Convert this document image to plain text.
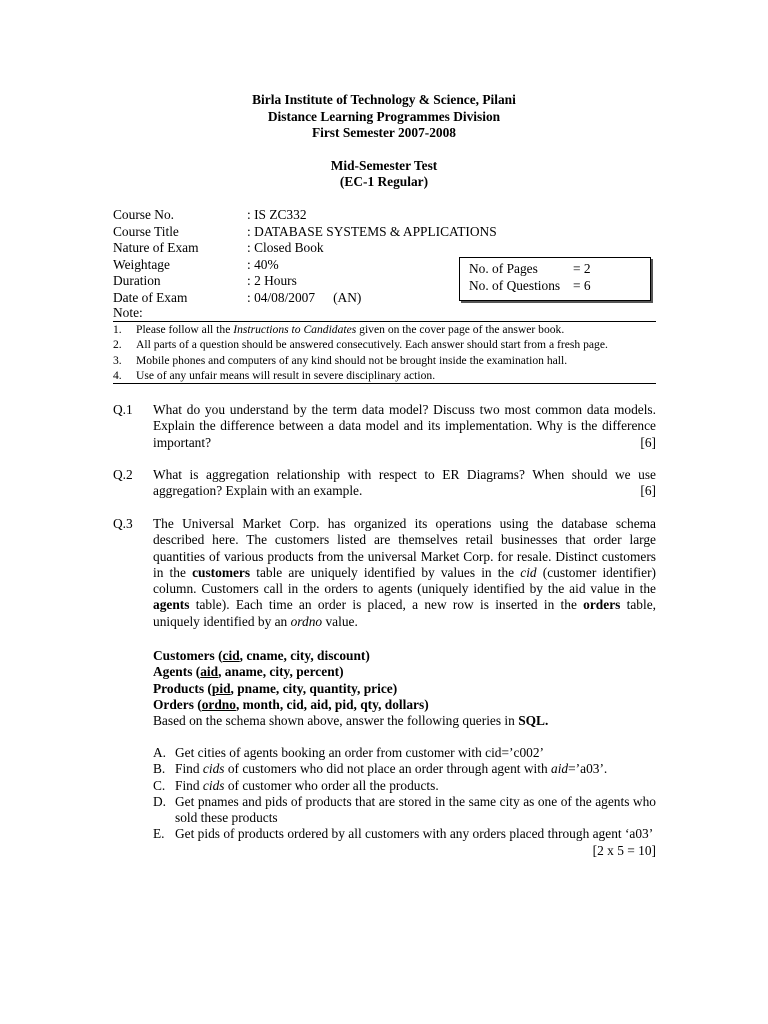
Birla Institute of Technology & Science, Pilani
Distance Learning Programmes Division
First Semester 2007-2008
Mid-Semester Test
(EC-1 Regular)
Course No.	: IS ZC332
Course Title	: DATABASE SYSTEMS & APPLICATIONS
Nature of Exam	: Closed Book
Weightage	: 40%
Duration	: 2 Hours
Date of Exam	: 04/08/2007 (AN)
No. of Pages	= 2
No. of Questions = 6
Note:
1.	Please follow all the Instructions to Candidates given on the cover page of the answer book.
2.	All parts of a question should be answered consecutively. Each answer should start from a fresh page.
3.	Mobile phones and computers of any kind should not be brought inside the examination hall.
4.	Use of any unfair means will result in severe disciplinary action.
Q.1 What do you understand by the term data model? Discuss two most common data models. Explain the difference between a data model and its implementation. Why is the difference important?	[6]
Q.2 What is aggregation relationship with respect to ER Diagrams? When should we use aggregation? Explain with an example.	[6]
Q.3 The Universal Market Corp. has organized its operations using the database schema described here. The customers listed are themselves retail businesses that order large quantities of various products from the universal Market Corp. for resale. Distinct customers in the customers table are uniquely identified by values in the cid (customer identifier) column. Customers call in the orders to agents (uniquely identified by the aid value in the agents table). Each time an order is placed, a new row is inserted in the orders table, uniquely identified by an ordno value.
Customers (cid, cname, city, discount)
Agents (aid, aname, city, percent)
Products (pid, pname, city, quantity, price)
Orders (ordno, month, cid, aid, pid, qty, dollars)
Based on the schema shown above, answer the following queries in SQL.
A. Get cities of agents booking an order from customer with cid=’c002’
B. Find cids of customers who did not place an order through agent with aid=’a03’.
C. Find cids of customer who order all the products.
D. Get pnames and pids of products that are stored in the same city as one of the agents who sold these products
E. Get pids of products ordered by all customers with any orders placed through agent ‘a03’
[2 x 5 = 10]
